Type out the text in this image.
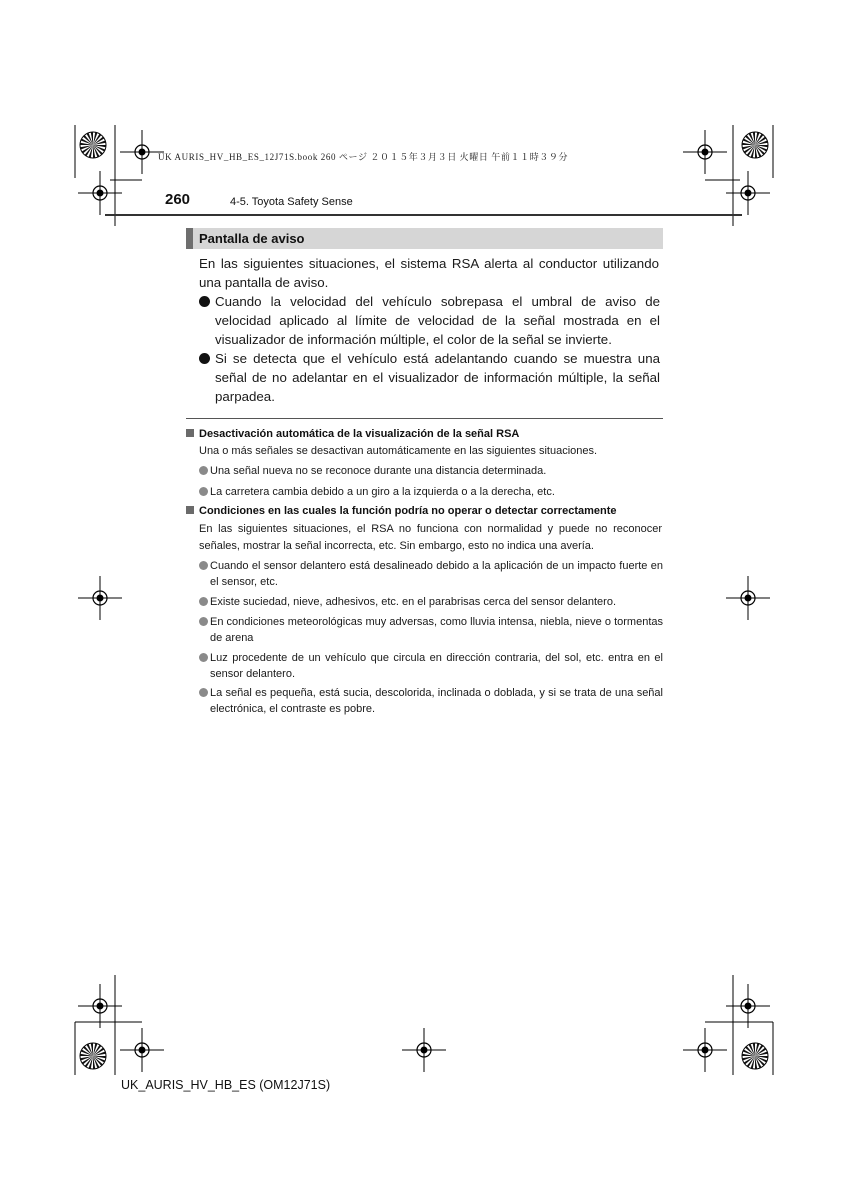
UK AURIS_HV_HB_ES_12J71S.book 260 ページ ２０１５年３月３日 火曜日 午前１１時３９分
260	4-5. Toyota Safety Sense
Pantalla de aviso
En las siguientes situaciones, el sistema RSA alerta al conductor utilizando una pantalla de aviso.
Cuando la velocidad del vehículo sobrepasa el umbral de aviso de velocidad aplicado al límite de velocidad de la señal mostrada en el visualizador de información múltiple, el color de la señal se invierte.
Si se detecta que el vehículo está adelantando cuando se muestra una señal de no adelantar en el visualizador de información múltiple, la señal parpadea.
Desactivación automática de la visualización de la señal RSA
Una o más señales se desactivan automáticamente en las siguientes situaciones.
Una señal nueva no se reconoce durante una distancia determinada.
La carretera cambia debido a un giro a la izquierda o a la derecha, etc.
Condiciones en las cuales la función podría no operar o detectar correctamente
En las siguientes situaciones, el RSA no funciona con normalidad y puede no reconocer señales, mostrar la señal incorrecta, etc. Sin embargo, esto no indica una avería.
Cuando el sensor delantero está desalineado debido a la aplicación de un impacto fuerte en el sensor, etc.
Existe suciedad, nieve, adhesivos, etc. en el parabrisas cerca del sensor delantero.
En condiciones meteorológicas muy adversas, como lluvia intensa, niebla, nieve o tormentas de arena
Luz procedente de un vehículo que circula en dirección contraria, del sol, etc. entra en el sensor delantero.
La señal es pequeña, está sucia, descolorida, inclinada o doblada, y si se trata de una señal electrónica, el contraste es pobre.
UK_AURIS_HV_HB_ES (OM12J71S)
